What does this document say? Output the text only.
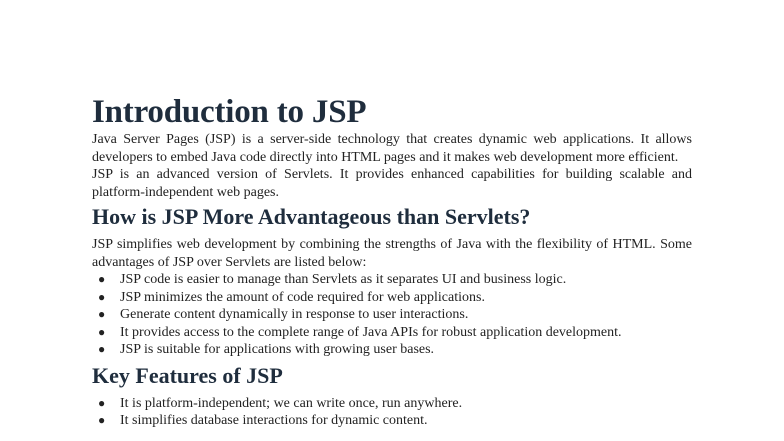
Introduction to JSP

Java Server Pages (JSP) is a server-side technology that creates dynamic web applications. It allows developers to embed Java code directly into HTML pages and it makes web development more efficient.

JSP is an advanced version of Servlets. It provides enhanced capabilities for building scalable and platform-independent web pages.

How is JSP More Advantageous than Servlets?

JSP simplifies web development by combining the strengths of Java with the flexibility of HTML. Some advantages of JSP over Servlets are listed below:

● JSP code is easier to manage than Servlets as it separates UI and business logic.
● JSP minimizes the amount of code required for web applications.
● Generate content dynamically in response to user interactions.
● It provides access to the complete range of Java APIs for robust application development.
● JSP is suitable for applications with growing user bases.
Key Features of JSP
● It is platform-independent; we can write once, run anywhere.
● It simplifies database interactions for dynamic content.
